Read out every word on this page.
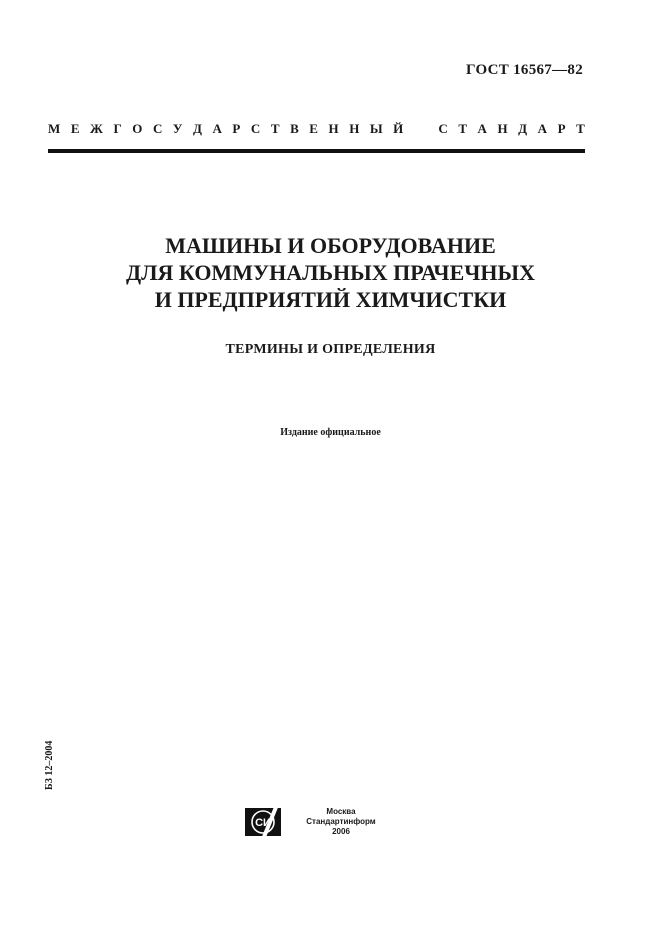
ГОСТ 16567—82
М Е Ж Г О С У Д А Р С Т В Е Н Н Ы Й	С Т А Н Д А Р Т
МАШИНЫ И ОБОРУДОВАНИЕ
ДЛЯ КОММУНАЛЬНЫХ ПРАЧЕЧНЫХ
И ПРЕДПРИЯТИЙ ХИМЧИСТКИ
ТЕРМИНЫ И ОПРЕДЕЛЕНИЯ
Издание официальное
БЗ 12–2004
СИ
Москва
Стандартинформ
2006
